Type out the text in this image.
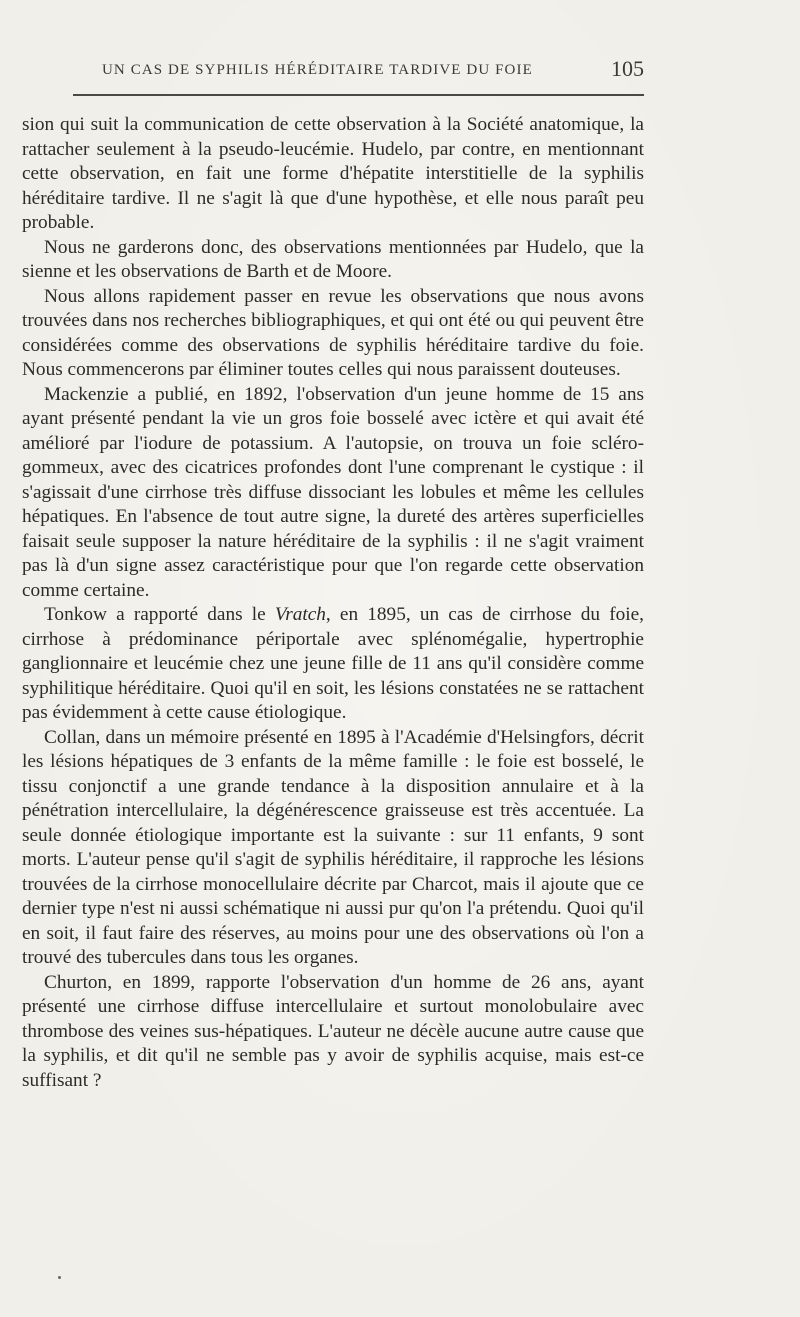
UN CAS DE SYPHILIS HÉRÉDITAIRE TARDIVE DU FOIE	105

sion qui suit la communication de cette observation à la Société anatomique, la rattacher seulement à la pseudo-leucémie. Hudelo, par contre, en mentionnant cette observation, en fait une forme d'hépatite interstitielle de la syphilis héréditaire tardive. Il ne s'agit là que d'une hypothèse, et elle nous paraît peu probable.

Nous ne garderons donc, des observations mentionnées par Hudelo, que la sienne et les observations de Barth et de Moore.

Nous allons rapidement passer en revue les observations que nous avons trouvées dans nos recherches bibliographiques, et qui ont été ou qui peuvent être considérées comme des observations de syphilis héréditaire tardive du foie. Nous commencerons par éliminer toutes celles qui nous paraissent douteuses.

Mackenzie a publié, en 1892, l'observation d'un jeune homme de 15 ans ayant présenté pendant la vie un gros foie bosselé avec ictère et qui avait été amélioré par l'iodure de potassium. A l'autopsie, on trouva un foie scléro-gommeux, avec des cicatrices profondes dont l'une comprenant le cystique : il s'agissait d'une cirrhose très diffuse dissociant les lobules et même les cellules hépatiques. En l'absence de tout autre signe, la dureté des artères superficielles faisait seule supposer la nature héréditaire de la syphilis : il ne s'agit vraiment pas là d'un signe assez caractéristique pour que l'on regarde cette observation comme certaine.

Tonkow a rapporté dans le Vratch, en 1895, un cas de cirrhose du foie, cirrhose à prédominance périportale avec splénomégalie, hypertrophie ganglionnaire et leucémie chez une jeune fille de 11 ans qu'il considère comme syphilitique héréditaire. Quoi qu'il en soit, les lésions constatées ne se rattachent pas évidemment à cette cause étiologique.

Collan, dans un mémoire présenté en 1895 à l'Académie d'Helsingfors, décrit les lésions hépatiques de 3 enfants de la même famille : le foie est bosselé, le tissu conjonctif a une grande tendance à la disposition annulaire et à la pénétration intercellulaire, la dégénérescence graisseuse est très accentuée. La seule donnée étiologique importante est la suivante : sur 11 enfants, 9 sont morts. L'auteur pense qu'il s'agit de syphilis héréditaire, il rapproche les lésions trouvées de la cirrhose monocellulaire décrite par Charcot, mais il ajoute que ce dernier type n'est ni aussi schématique ni aussi pur qu'on l'a prétendu. Quoi qu'il en soit, il faut faire des réserves, au moins pour une des observations où l'on a trouvé des tubercules dans tous les organes.

Churton, en 1899, rapporte l'observation d'un homme de 26 ans, ayant présenté une cirrhose diffuse intercellulaire et surtout monolobulaire avec thrombose des veines sus-hépatiques. L'auteur ne décèle aucune autre cause que la syphilis, et dit qu'il ne semble pas y avoir de syphilis acquise, mais est-ce suffisant ?
